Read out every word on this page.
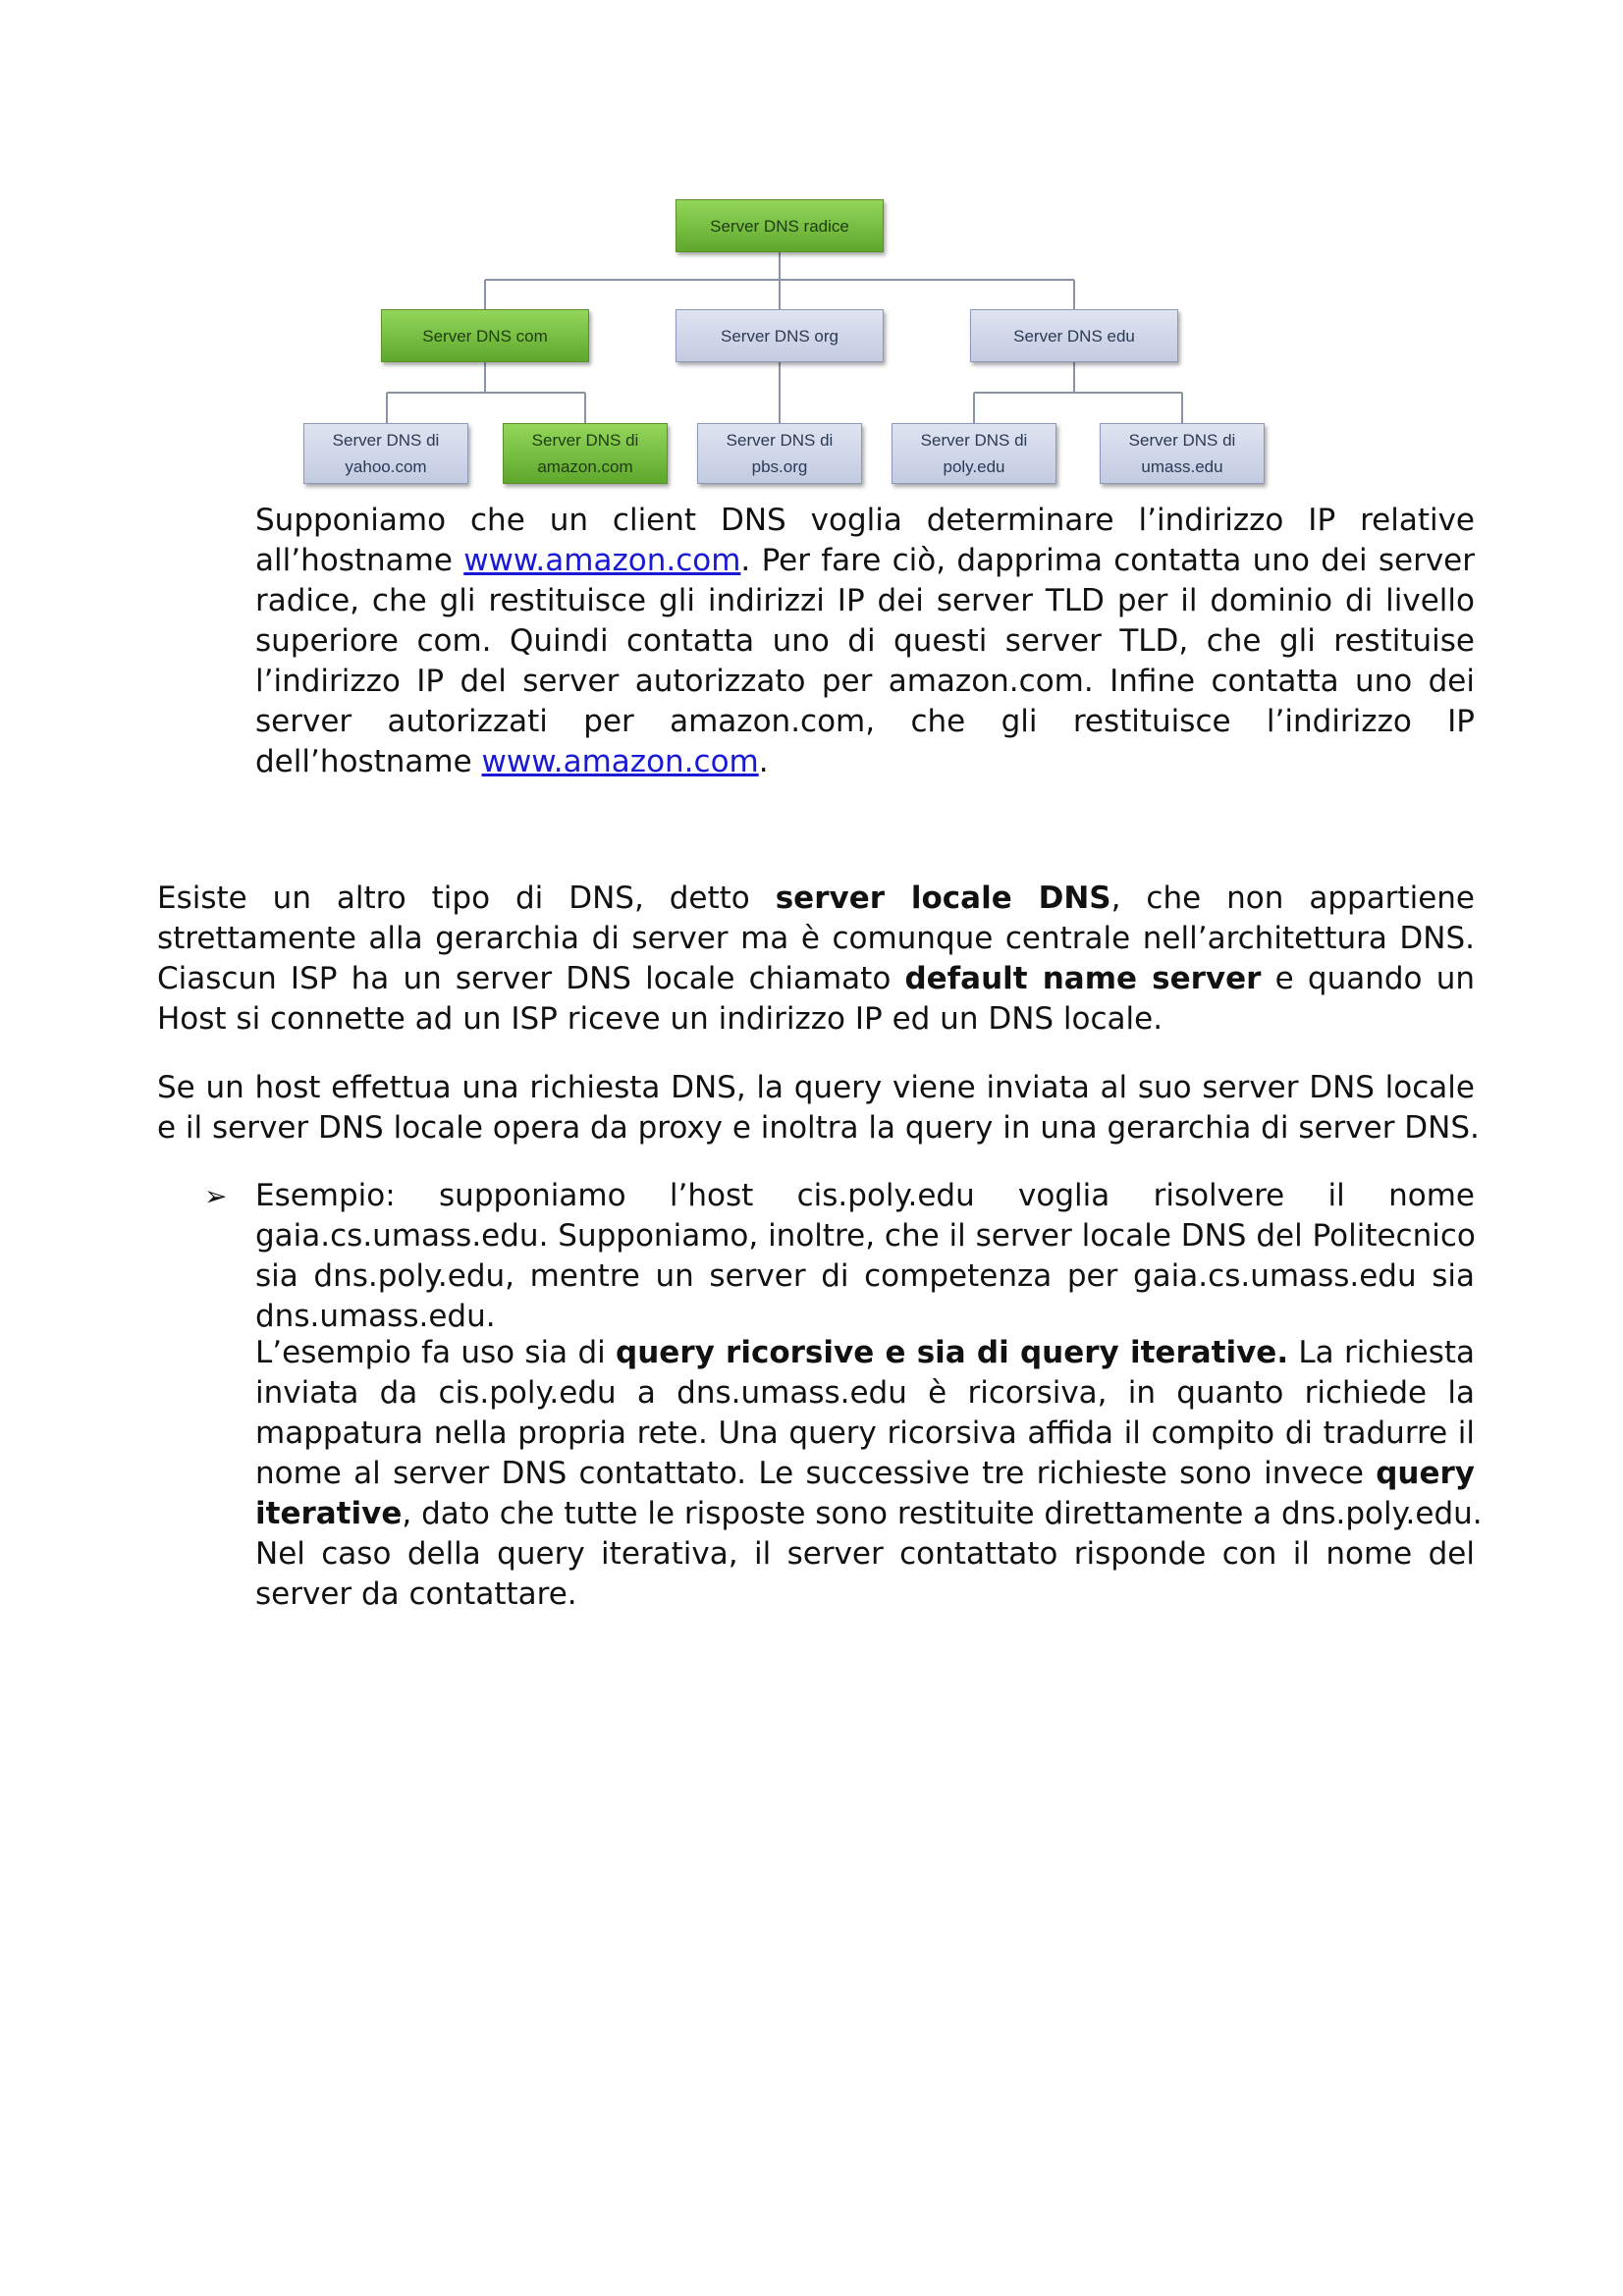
Server DNS radice
Server DNS com	Server DNS org	Server DNS edu
Server DNS di
yahoo.com
Server DNS di
amazon.com
Server DNS di
pbs.org
Server DNS di
poly.edu
Server DNS di
umass.edu
Supponiamo che un client DNS voglia determinare l’indirizzo IP relative
all’hostname www.amazon.com. Per fare ciò, dapprima contatta uno dei server
radice, che gli restituisce gli indirizzi IP dei server TLD per il dominio di livello
superiore com. Quindi contatta uno di questi server TLD, che gli restituise
l’indirizzo IP del server autorizzato per amazon.com. Infine contatta uno dei
server autorizzati per amazon.com, che gli restituisce l’indirizzo IP
dell’hostname www.amazon.com.
Esiste un altro tipo di DNS, detto server locale DNS, che non appartiene
strettamente alla gerarchia di server ma è comunque centrale nell’architettura DNS.
Ciascun ISP ha un server DNS locale chiamato default name server e quando un
Host si connette ad un ISP riceve un indirizzo IP ed un DNS locale.
Se un host effettua una richiesta DNS, la query viene inviata al suo server DNS locale
e il server DNS locale opera da proxy e inoltra la query in una gerarchia di server DNS.
➢ Esempio: supponiamo l’host cis.poly.edu voglia risolvere il nome
gaia.cs.umass.edu. Supponiamo, inoltre, che il server locale DNS del Politecnico
sia dns.poly.edu, mentre un server di competenza per gaia.cs.umass.edu sia
dns.umass.edu.
L’esempio fa uso sia di query ricorsive e sia di query iterative. La richiesta
inviata da cis.poly.edu a dns.umass.edu è ricorsiva, in quanto richiede la
mappatura nella propria rete. Una query ricorsiva affida il compito di tradurre il
nome al server DNS contattato. Le successive tre richieste sono invece query
iterative, dato che tutte le risposte sono restituite direttamente a dns.poly.edu.
Nel caso della query iterativa, il server contattato risponde con il nome del
server da contattare.
